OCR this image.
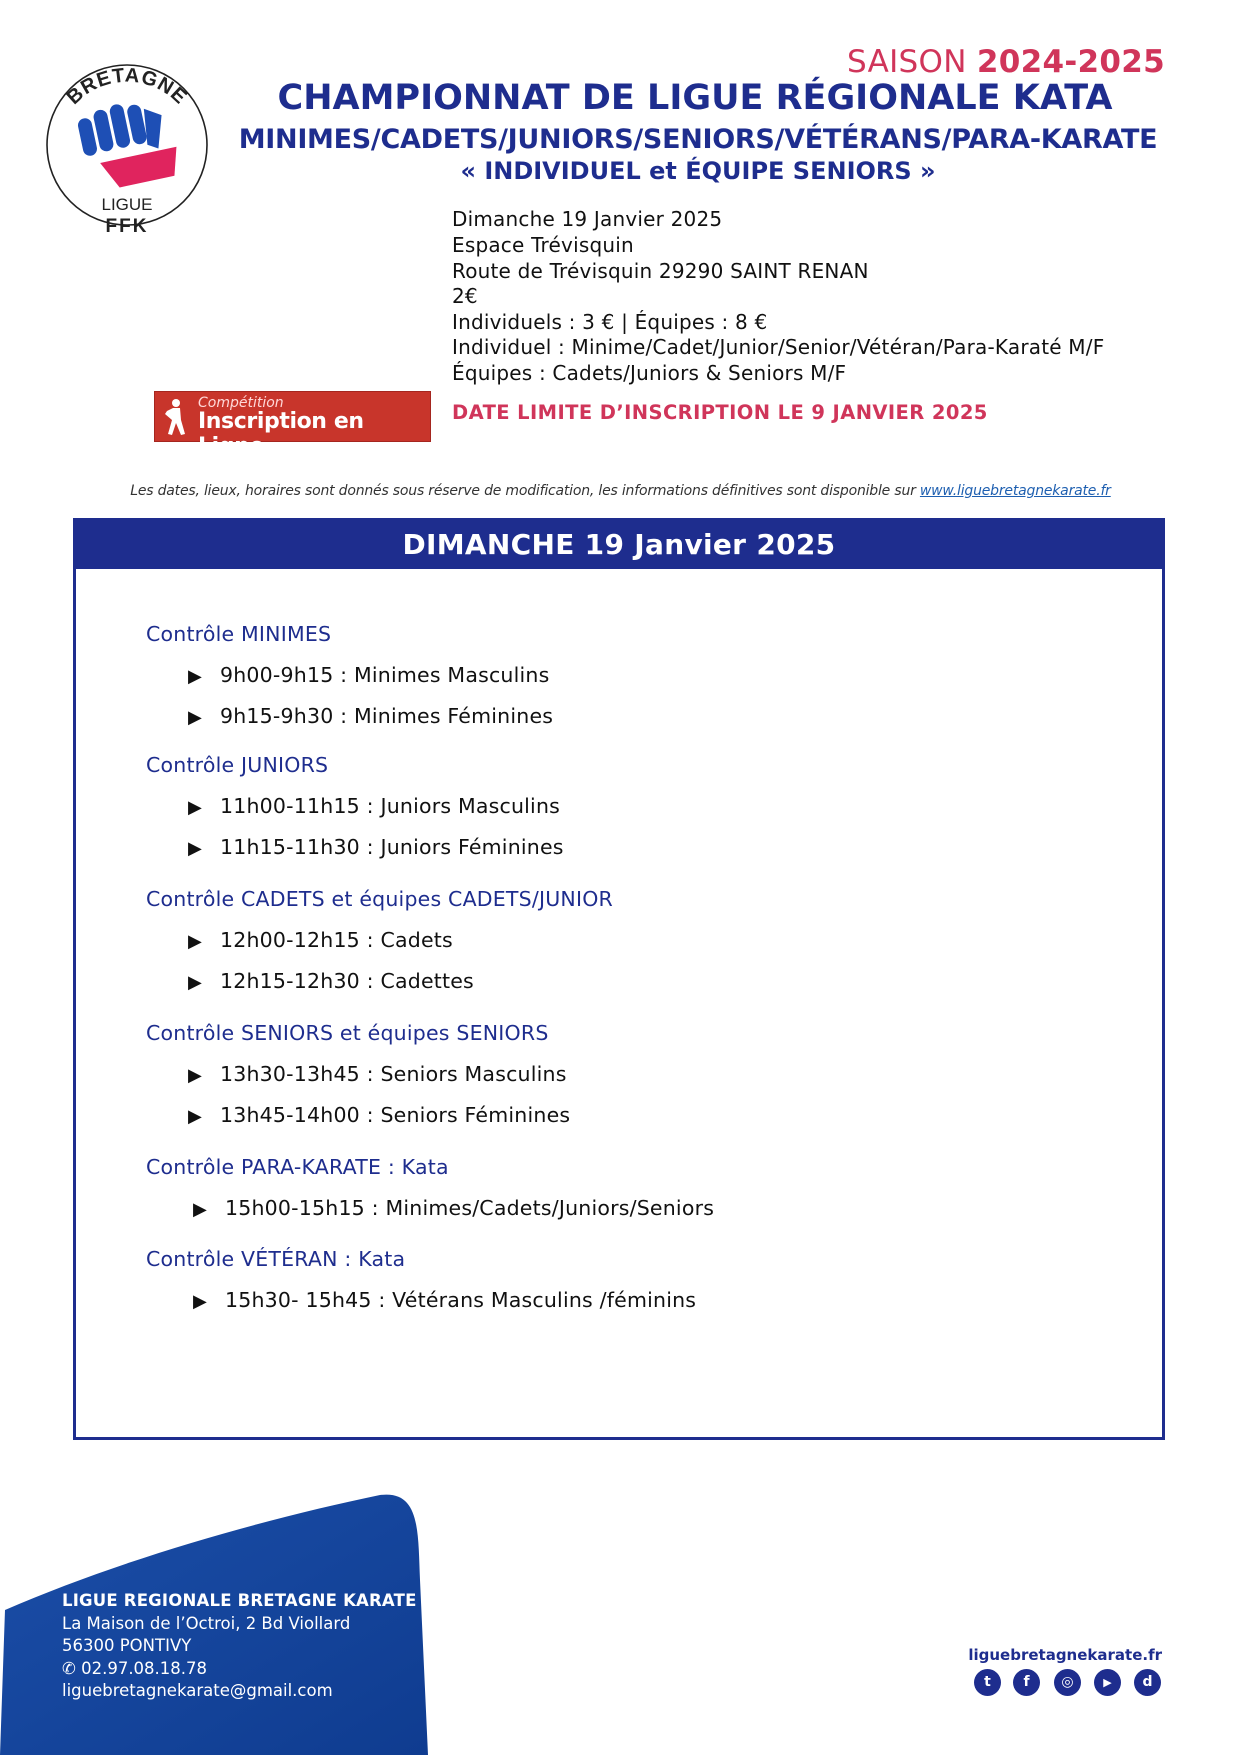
BRETAGNE
LIGUE
FFK
SAISON 2024-2025
CHAMPIONNAT DE LIGUE RÉGIONALE KATA
MINIMES/CADETS/JUNIORS/SENIORS/VÉTÉRANS/PARA-KARATE
« INDIVIDUEL et ÉQUIPE SENIORS »
Dimanche 19 Janvier 2025
Espace Trévisquin
Route de Trévisquin 29290 SAINT RENAN
2€
Individuels : 3 € | Équipes : 8 €
Individuel : Minime/Cadet/Junior/Senior/Vétéran/Para-Karaté M/F
Équipes : Cadets/Juniors & Seniors M/F
Compétition
Inscription en Ligne
DATE LIMITE D’INSCRIPTION LE 9 JANVIER 2025
Les dates, lieux, horaires sont donnés sous réserve de modification, les informations définitives sont disponible sur www.liguebretagnekarate.fr
DIMANCHE 19 Janvier 2025
Contrôle MINIMES
▶ 9h00-9h15 : Minimes Masculins
▶ 9h15-9h30 : Minimes Féminines
Contrôle JUNIORS
▶ 11h00-11h15 : Juniors Masculins
▶ 11h15-11h30 : Juniors Féminines
Contrôle CADETS et équipes CADETS/JUNIOR
▶ 12h00-12h15 : Cadets
▶ 12h15-12h30 : Cadettes
Contrôle SENIORS et équipes SENIORS
▶ 13h30-13h45 : Seniors Masculins
▶ 13h45-14h00 : Seniors Féminines
Contrôle PARA-KARATE : Kata
▶ 15h00-15h15 : Minimes/Cadets/Juniors/Seniors
Contrôle VÉTÉRAN : Kata
▶ 15h30- 15h45 : Vétérans Masculins /féminins
LIGUE REGIONALE BRETAGNE KARATE
La Maison de l’Octroi, 2 Bd Viollard
56300 PONTIVY
✆ 02.97.08.18.78
liguebretagnekarate@gmail.com
liguebretagnekarate.fr
t	f	◎	▶	d
